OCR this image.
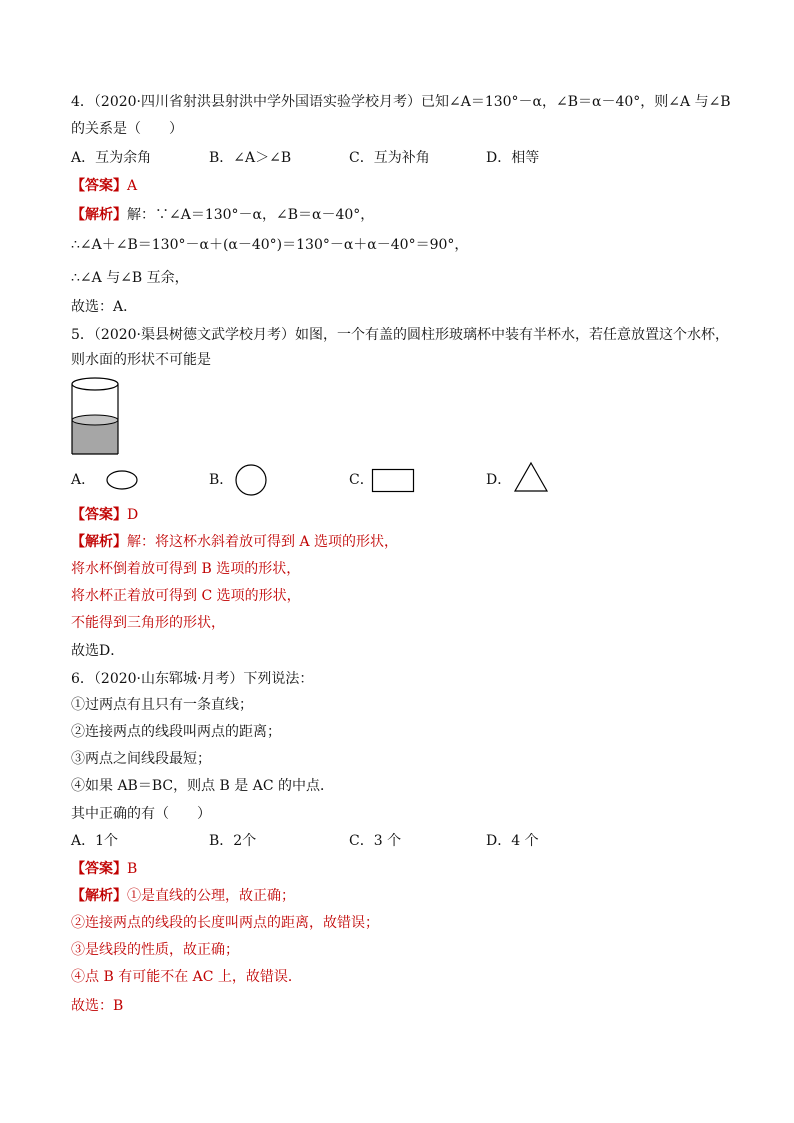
4．（2020·四川省射洪县射洪中学外国语实验学校月考）已知∠A＝130°－α，∠B＝α－40°，则∠A 与∠B
的关系是（　　）
A．互为余角	B．∠A＞∠B	C．互为补角	D．相等
【答案】A
【解析】解：∵∠A＝130°－α，∠B＝α－40°，
∴∠A＋∠B＝130°－α＋(α－40°)＝130°－α＋α－40°＝90°，
∴∠A 与∠B 互余，
故选：A．
5．（2020·渠县树德文武学校月考）如图，一个有盖的圆柱形玻璃杯中装有半杯水，若任意放置这个水杯，
则水面的形状不可能是
A．	B．	C．	D．
【答案】D
【解析】解：将这杯水斜着放可得到 A 选项的形状，
将水杯倒着放可得到 B 选项的形状，
将水杯正着放可得到 C 选项的形状，
不能得到三角形的形状，
故选D．
6．（2020·山东郓城·月考）下列说法：
①过两点有且只有一条直线；
②连接两点的线段叫两点的距离；
③两点之间线段最短；
④如果 AB＝BC，则点 B 是 AC 的中点．
其中正确的有（　　）
A．1个	B．2个	C．3 个	D．4 个
【答案】B
【解析】①是直线的公理，故正确；
②连接两点的线段的长度叫两点的距离，故错误；
③是线段的性质，故正确；
④点 B 有可能不在 AC 上，故错误．
故选：B
